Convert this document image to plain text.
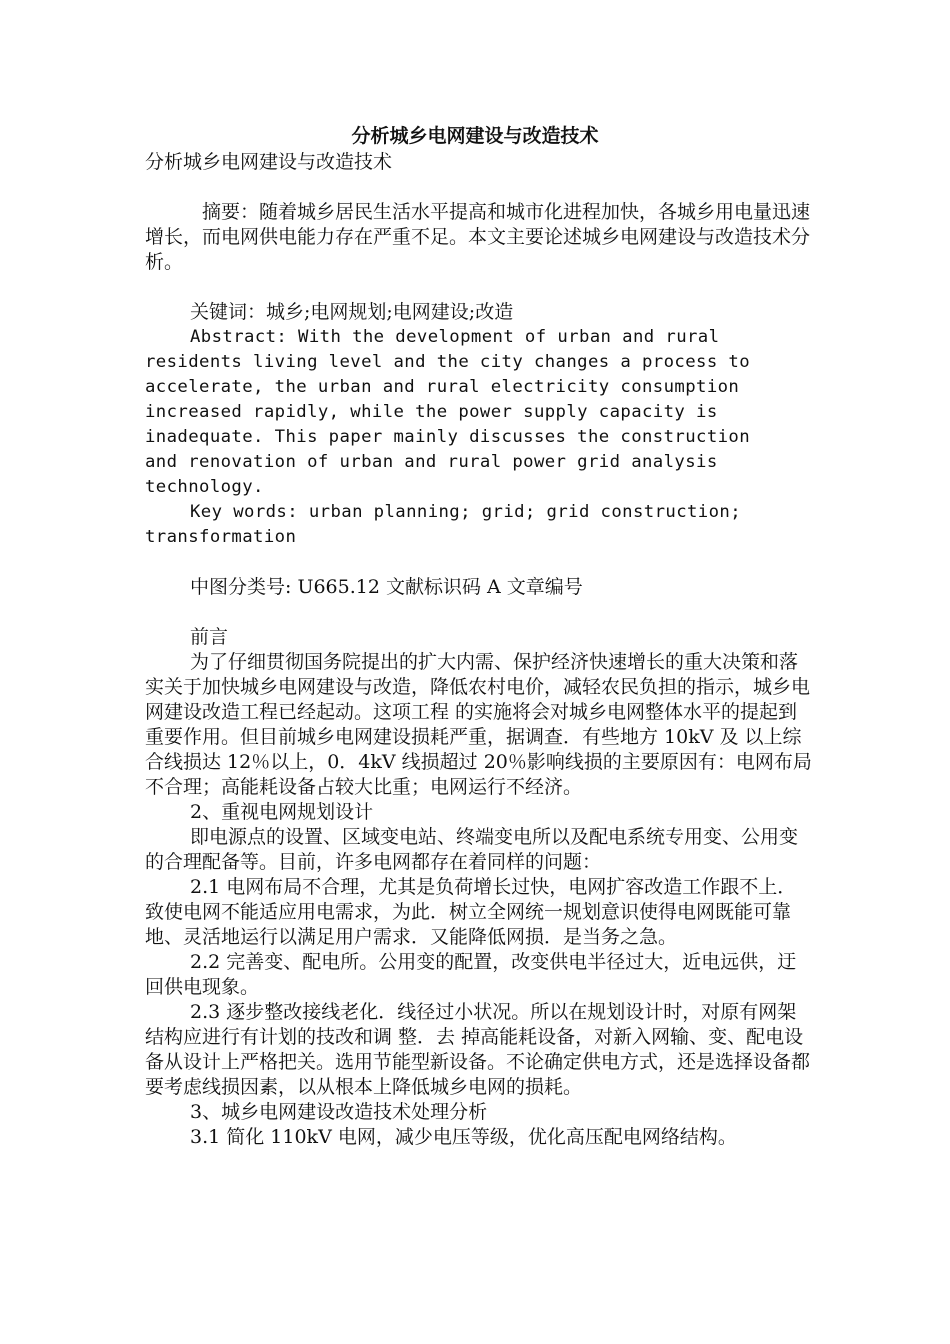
分析城乡电网建设与改造技术

分析城乡电网建设与改造技术

摘要：随着城乡居民生活水平提高和城市化进程加快，各城乡用电量迅速增长，而电网供电能力存在严重不足。本文主要论述城乡电网建设与改造技术分析。

关键词：城乡;电网规划;电网建设;改造

Abstract: With the development of urban and rural

residents living level and the city changes a process to

accelerate, the urban and rural electricity consumption

increased rapidly, while the power supply capacity is

inadequate. This paper mainly discusses the construction

and renovation of urban and rural power grid analysis

technology.

Key words: urban planning; grid; grid construction;

transformation

中图分类号: U665.12 文献标识码 A 文章编号

前言

为了仔细贯彻国务院提出的扩大内需、保护经济快速增长的重大决策和落实关于加快城乡电网建设与改造，降低农村电价，减轻农民负担的指示，城乡电网建设改造工程已经起动。这项工程 的实施将会对城乡电网整体水平的提起到重要作用。但目前城乡电网建设损耗严重，据调查．有些地方 10kV 及 以上综合线损达 12％以上，0．4kV 线损超过 20％影响线损的主要原因有：电网布局不合理；高能耗设备占较大比重；电网运行不经济。

2、重视电网规划设计

即电源点的设置、区域变电站、终端变电所以及配电系统专用变、公用变的合理配备等。目前，许多电网都存在着同样的问题：

2.1 电网布局不合理，尤其是负荷增长过快，电网扩容改造工作跟不上．致使电网不能适应用电需求，为此．树立全网统一规划意识使得电网既能可靠地、灵活地运行以满足用户需求．又能降低网损．是当务之急。

2.2 完善变、配电所。公用变的配置，改变供电半径过大，近电远供，迂回供电现象。

2.3 逐步整改接线老化．线径过小状况。所以在规划设计时，对原有网架结构应进行有计划的技改和调 整．去 掉高能耗设备，对新入网输、变、配电设备从设计上严格把关。选用节能型新设备。不论确定供电方式，还是选择设备都要考虑线损因素，以从根本上降低城乡电网的损耗。

3、城乡电网建设改造技术处理分析

3.1 简化 110kV 电网，减少电压等级，优化高压配电网络结构。
